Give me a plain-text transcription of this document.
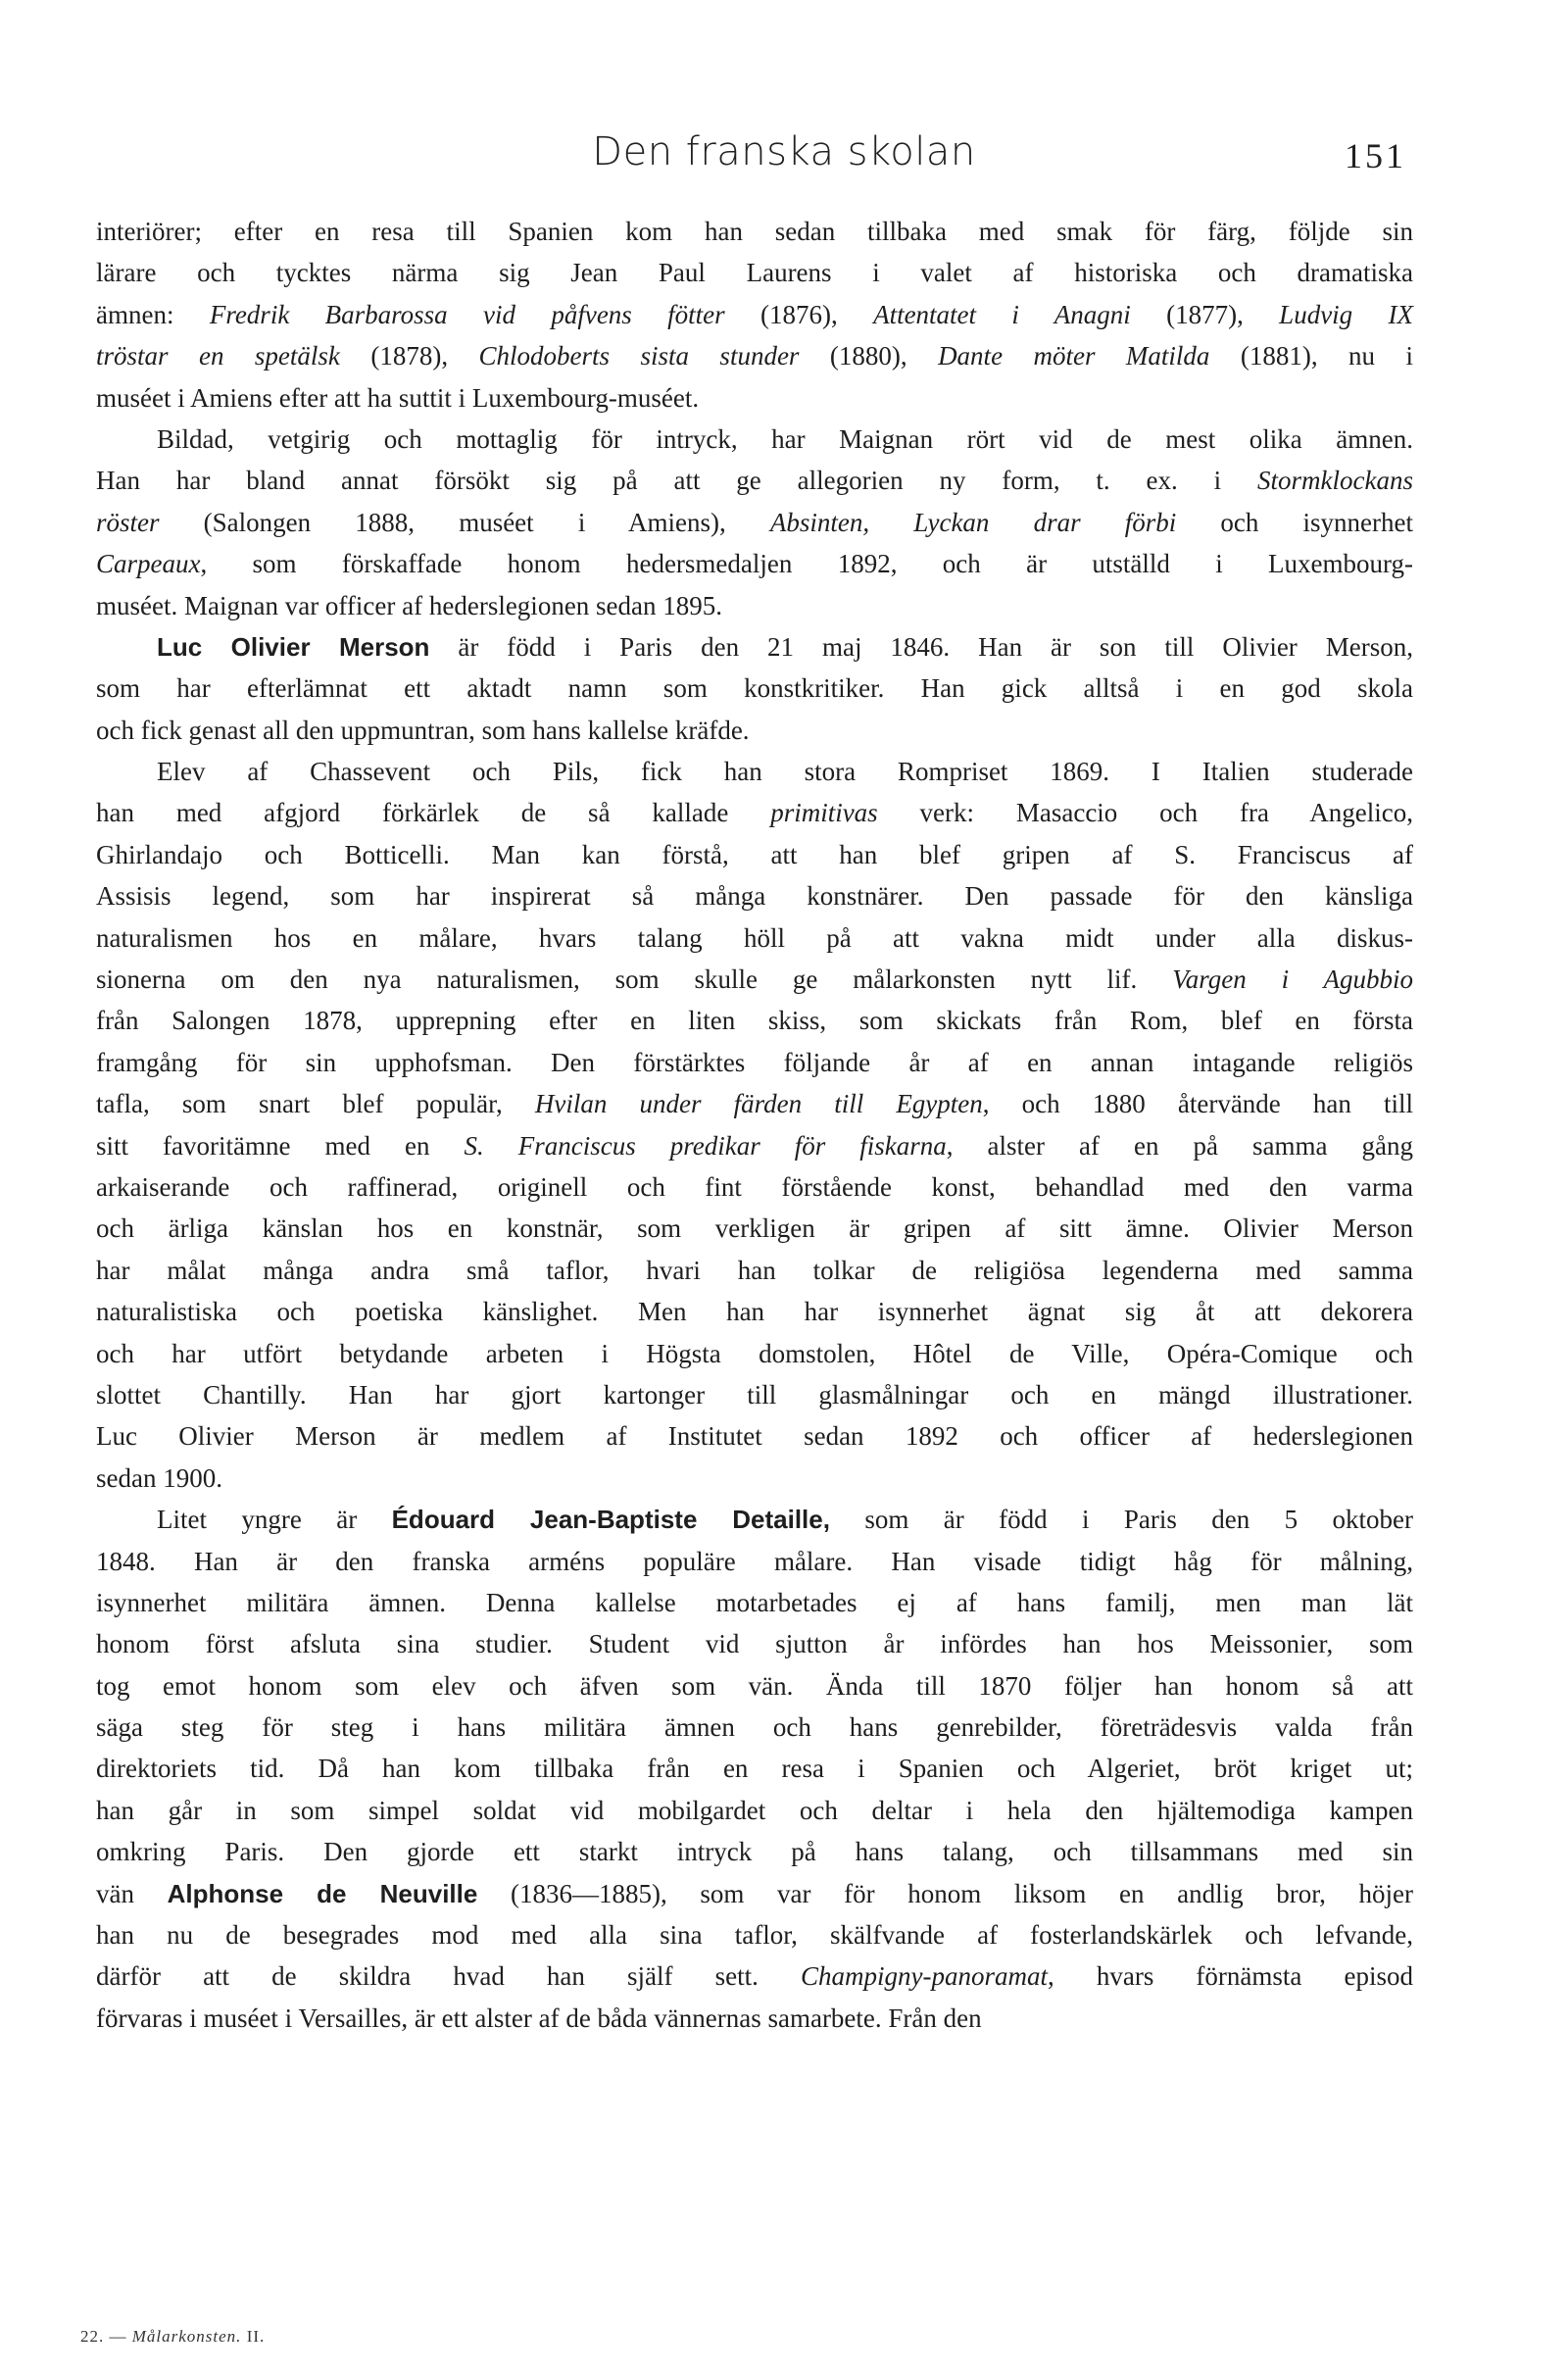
Den franska skolan	151
interiörer; efter en resa till Spanien kom han sedan tillbaka med smak för färg, följde sin
lärare och tycktes närma sig Jean Paul Laurens i valet af historiska och dramatiska
ämnen: Fredrik Barbarossa vid påfvens fötter (1876), Attentatet i Anagni (1877), Ludvig IX
tröstar en spetälsk (1878), Chlodoberts sista stunder (1880), Dante möter Matilda (1881), nu i
muséet i Amiens efter att ha suttit i Luxembourg-muséet.
Bildad, vetgirig och mottaglig för intryck, har Maignan rört vid de mest olika ämnen.
Han har bland annat försökt sig på att ge allegorien ny form, t. ex. i Stormklockans
röster (Salongen 1888, muséet i Amiens), Absinten, Lyckan drar förbi och isynnerhet
Carpeaux, som förskaffade honom hedersmedaljen 1892, och är utställd i Luxembourg-
muséet. Maignan var officer af hederslegionen sedan 1895.
Luc Olivier Merson är född i Paris den 21 maj 1846. Han är son till Olivier Merson,
som har efterlämnat ett aktadt namn som konstkritiker. Han gick alltså i en god skola
och fick genast all den uppmuntran, som hans kallelse kräfde.
Elev af Chassevent och Pils, fick han stora Rompriset 1869. I Italien studerade
han med afgjord förkärlek de så kallade primitivas verk: Masaccio och fra Angelico,
Ghirlandajo och Botticelli. Man kan förstå, att han blef gripen af S. Franciscus af
Assisis legend, som har inspirerat så många konstnärer. Den passade för den känsliga
naturalismen hos en målare, hvars talang höll på att vakna midt under alla diskus-
sionerna om den nya naturalismen, som skulle ge målarkonsten nytt lif. Vargen i Agubbio
från Salongen 1878, upprepning efter en liten skiss, som skickats från Rom, blef en första
framgång för sin upphofsman. Den förstärktes följande år af en annan intagande religiös
tafla, som snart blef populär, Hvilan under färden till Egypten, och 1880 återvände han till
sitt favoritämne med en S. Franciscus predikar för fiskarna, alster af en på samma gång
arkaiserande och raffinerad, originell och fint förstående konst, behandlad med den varma
och ärliga känslan hos en konstnär, som verkligen är gripen af sitt ämne. Olivier Merson
har målat många andra små taflor, hvari han tolkar de religiösa legenderna med samma
naturalistiska och poetiska känslighet. Men han har isynnerhet ägnat sig åt att dekorera
och har utfört betydande arbeten i Högsta domstolen, Hôtel de Ville, Opéra-Comique och
slottet Chantilly. Han har gjort kartonger till glasmålningar och en mängd illustrationer.
Luc Olivier Merson är medlem af Institutet sedan 1892 och officer af hederslegionen
sedan 1900.
Litet yngre är Édouard Jean-Baptiste Detaille, som är född i Paris den 5 oktober
1848. Han är den franska arméns populäre målare. Han visade tidigt håg för målning,
isynnerhet militära ämnen. Denna kallelse motarbetades ej af hans familj, men man lät
honom först afsluta sina studier. Student vid sjutton år infördes han hos Meissonier, som
tog emot honom som elev och äfven som vän. Ända till 1870 följer han honom så att
säga steg för steg i hans militära ämnen och hans genrebilder, företrädesvis valda från
direktoriets tid. Då han kom tillbaka från en resa i Spanien och Algeriet, bröt kriget ut;
han går in som simpel soldat vid mobilgardet och deltar i hela den hjältemodiga kampen
omkring Paris. Den gjorde ett starkt intryck på hans talang, och tillsammans med sin
vän Alphonse de Neuville (1836—1885), som var för honom liksom en andlig bror, höjer
han nu de besegrades mod med alla sina taflor, skälfvande af fosterlandskärlek och lefvande,
därför att de skildra hvad han själf sett. Champigny-panoramat, hvars förnämsta episod
förvaras i muséet i Versailles, är ett alster af de båda vännernas samarbete. Från den
22. — Målarkonsten. II.
